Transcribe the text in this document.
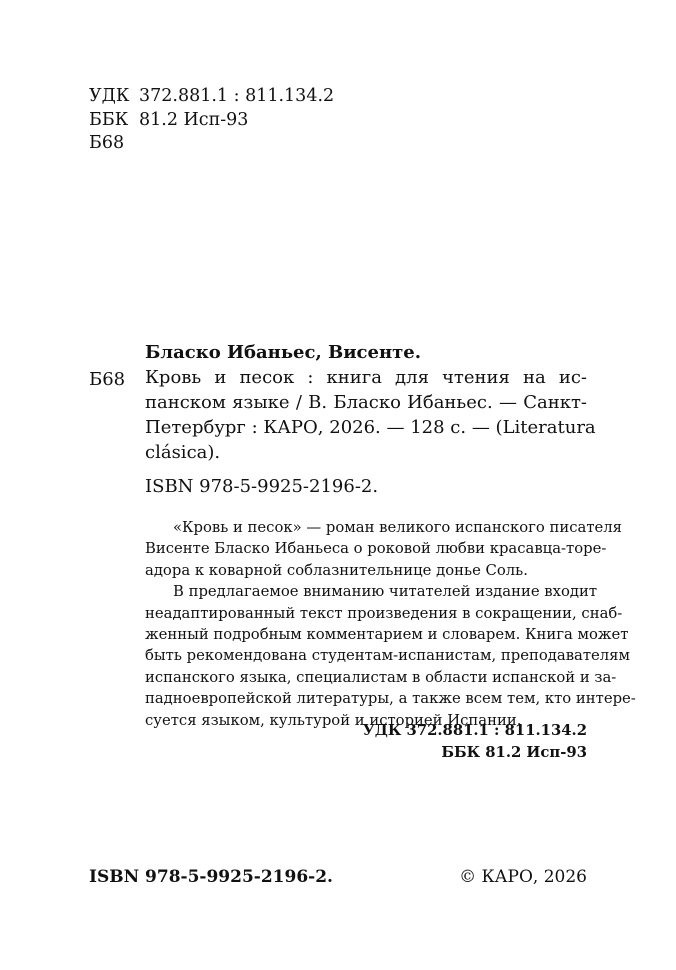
УДК 372.881.1 : 811.134.2
ББК 81.2 Исп-93
Б68
Бласко Ибаньес, Висенте.
Б68 Кровь и песок : книга для чтения на ис-
панском языке / В. Бласко Ибаньес. — Санкт-
Петербург : КАРО, 2026. — 128 с. — (Literatura
clásica).
ISBN 978-5-9925-2196-2.
«Кровь и песок» — роман великого испанского писателя
Висенте Бласко Ибаньеса о роковой любви красавца-торе-
адора к коварной соблазнительнице донье Соль.
В предлагаемое вниманию читателей издание входит
неадаптированный текст произведения в сокращении, снаб-
женный подробным комментарием и словарем. Книга может
быть рекомендована студентам-испанистам, преподавателям
испанского языка, специалистам в области испанской и за-
падноевропейской литературы, а также всем тем, кто интере-
суется языком, культурой и историей Испании.
УДК 372.881.1 : 811.134.2
ББК 81.2 Исп-93
ISBN 978-5-9925-2196-2.	© КАРО, 2026
